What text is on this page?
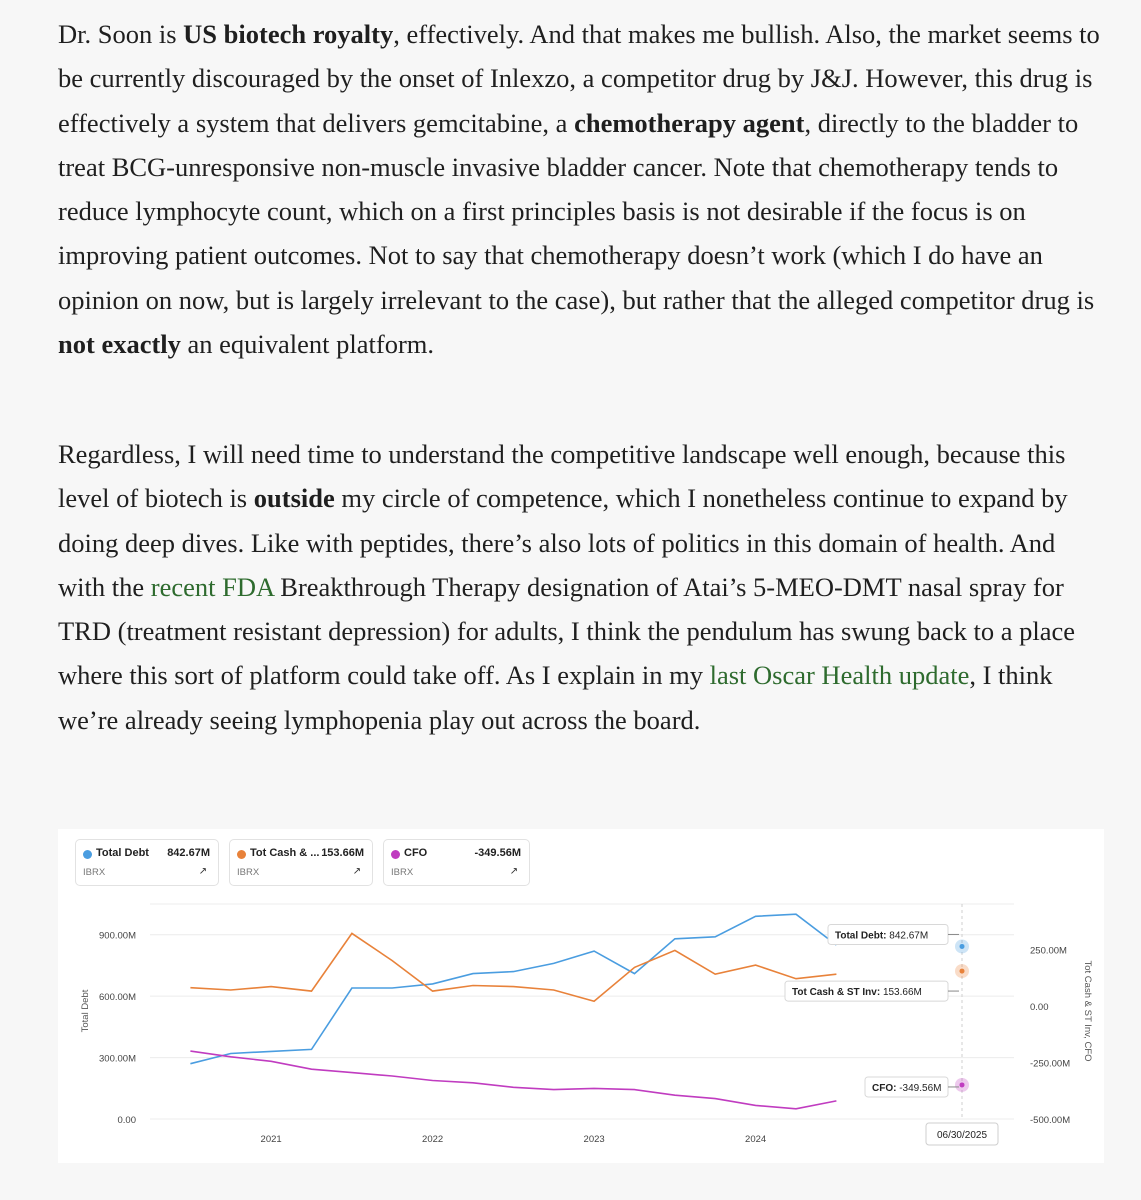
Dr. Soon is US biotech royalty, effectively. And that makes me bullish. Also, the market seems to be currently discouraged by the onset of Inlexzo, a competitor drug by J&J. However, this drug is effectively a system that delivers gemcitabine, a chemotherapy agent, directly to the bladder to treat BCG-unresponsive non-muscle invasive bladder cancer. Note that chemotherapy tends to reduce lymphocyte count, which on a first principles basis is not desirable if the focus is on improving patient outcomes. Not to say that chemotherapy doesn’t work (which I do have an opinion on now, but is largely irrelevant to the case), but rather that the alleged competitor drug is not exactly an equivalent platform.

Regardless, I will need time to understand the competitive landscape well enough, because this level of biotech is outside my circle of competence, which I nonetheless continue to expand by doing deep dives. Like with peptides, there’s also lots of politics in this domain of health. And with the recent FDA Breakthrough Therapy designation of Atai’s 5-MEO-DMT nasal spray for TRD (treatment resistant depression) for adults, I think the pendulum has swung back to a place where this sort of platform could take off. As I explain in my last Oscar Health update, I think we’re already seeing lymphopenia play out across the board.

Total Debt 842.67M
IBRX	↗
Tot Cash & ... 153.66M
IBRX	↗
CFO	-349.56M
IBRX	↗
900.00M
600.00M
300.00M
0.00
250.00M
0.00
-250.00M
-500.00M
Total Debt	Tot Cash & ST Inv, CFO
2021	2022	2023	2024
Total Debt: 842.67M
Tot Cash & ST Inv: 153.66M
CFO: -349.56M
06/30/2025
